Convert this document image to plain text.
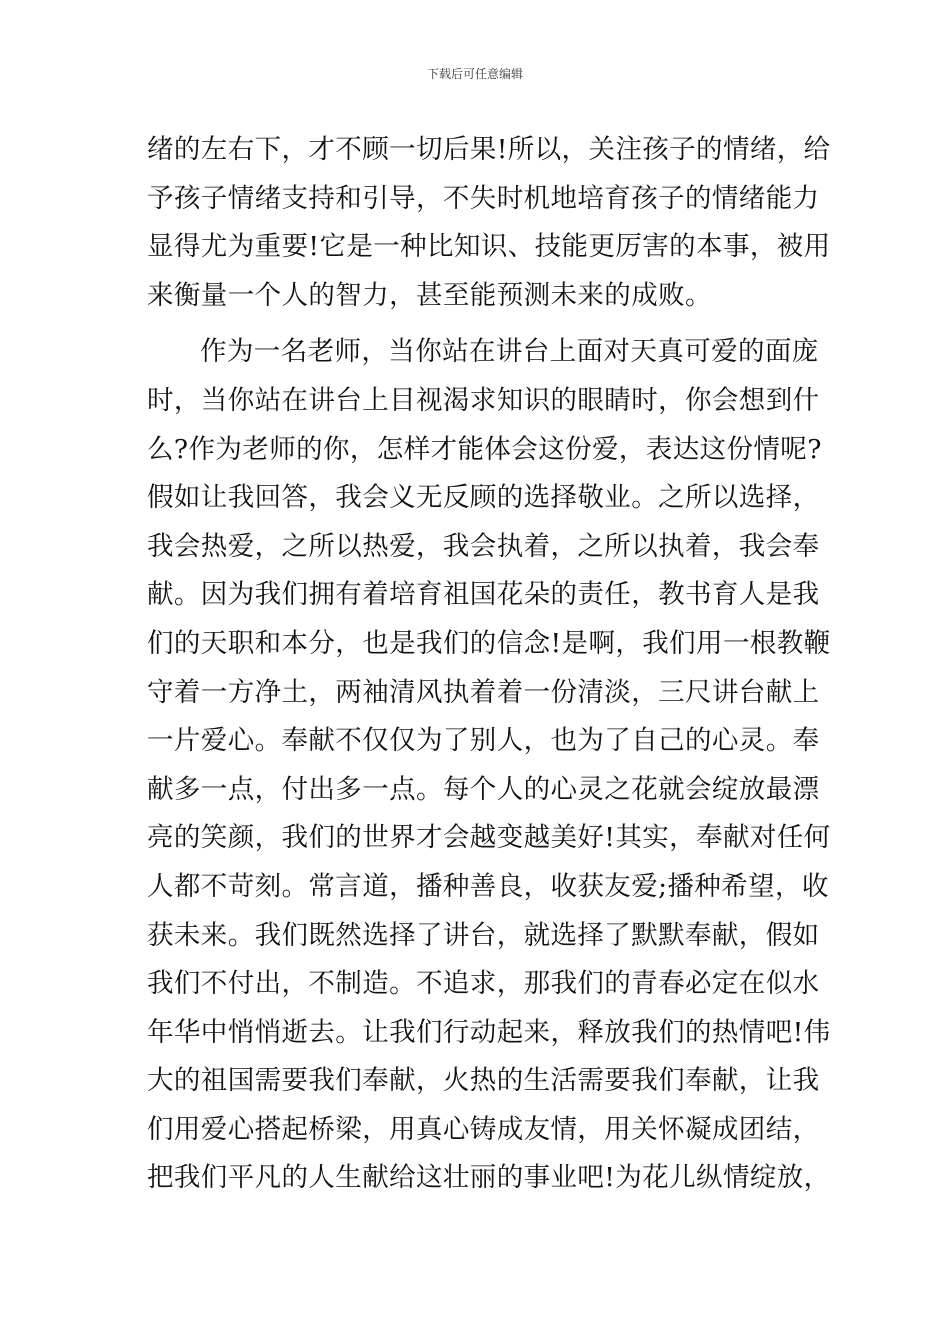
下载后可任意编辑
绪的左右下，才不顾一切后果!所以，关注孩子的情绪，给
予孩子情绪支持和引导，不失时机地培育孩子的情绪能力
显得尤为重要!它是一种比知识、技能更厉害的本事，被用
来衡量一个人的智力，甚至能预测未来的成败。
作为一名老师，当你站在讲台上面对天真可爱的面庞
时，当你站在讲台上目视渴求知识的眼睛时，你会想到什
么?作为老师的你，怎样才能体会这份爱，表达这份情呢?
假如让我回答，我会义无反顾的选择敬业。之所以选择，
我会热爱，之所以热爱，我会执着，之所以执着，我会奉
献。因为我们拥有着培育祖国花朵的责任，教书育人是我
们的天职和本分，也是我们的信念!是啊，我们用一根教鞭
守着一方净土，两袖清风执着着一份清淡，三尺讲台献上
一片爱心。奉献不仅仅为了别人，也为了自己的心灵。奉
献多一点，付出多一点。每个人的心灵之花就会绽放最漂
亮的笑颜，我们的世界才会越变越美好!其实，奉献对任何
人都不苛刻。常言道，播种善良，收获友爱;播种希望，收
获未来。我们既然选择了讲台，就选择了默默奉献，假如
我们不付出，不制造。不追求，那我们的青春必定在似水
年华中悄悄逝去。让我们行动起来，释放我们的热情吧!伟
大的祖国需要我们奉献，火热的生活需要我们奉献，让我
们用爱心搭起桥梁，用真心铸成友情，用关怀凝成团结，
把我们平凡的人生献给这壮丽的事业吧!为花儿纵情绽放，
